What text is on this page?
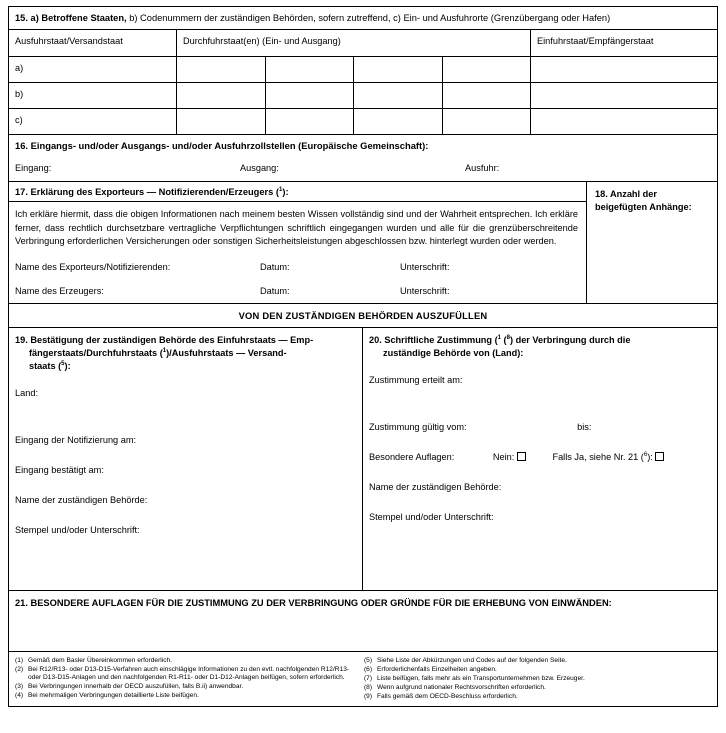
15. a) Betroffene Staaten, b) Codenummern der zuständigen Behörden, sofern zutreffend, c) Ein- und Ausfuhrorte (Grenzübergang oder Hafen)
Ausfuhrstaat/Versandstaat	Durchfuhrstaat(en) (Ein- und Ausgang)	Einfuhrstaat/Empfängerstaat
a)
b)
c)
16. Eingangs- und/oder Ausgangs- und/oder Ausfuhrzollstellen (Europäische Gemeinschaft):
Eingang:	Ausgang:	Ausfuhr:
17. Erklärung des Exporteurs — Notifizierenden/Erzeugers ($^1$):
Ich erkläre hiermit, dass die obigen Informationen nach meinem besten Wissen vollständig sind und der Wahrheit entsprechen. Ich erkläre ferner, dass rechtlich durchsetzbare vertragliche Verpflichtungen schriftlich eingegangen wurden und alle für die grenzüberschreitende Verbringung erforderlichen Versicherungen oder sonstigen Sicherheitsleistungen abgeschlossen bzw. hinterlegt wurden oder werden.
Name des Exporteurs/Notifizierenden:	Datum:	Unterschrift:
Name des Erzeugers:	Datum:	Unterschrift:
18. Anzahl der beigefügten Anhänge:
VON DEN ZUSTÄNDIGEN BEHÖRDEN AUSZUFÜLLEN
19. Bestätigung der zuständigen Behörde des Einfuhrstaats — Emp-
fängerstaats/Durchfuhrstaats ($^1$)/Ausfuhrstaats — Versand-
staats ($^5$):
Land:
Eingang der Notifizierung am:
Eingang bestätigt am:
Name der zuständigen Behörde:
Stempel und/oder Unterschrift:
20. Schriftliche Zustimmung ($^1$ ($^8$) der Verbringung durch die
zuständige Behörde von (Land):
Zustimmung erteilt am:
Zustimmung gültig vom:	bis:
Besondere Auflagen:	Nein:	Falls Ja, siehe Nr. 21 ($^6$):
Name der zuständigen Behörde:
Stempel und/oder Unterschrift:
21. BESONDERE AUFLAGEN FÜR DIE ZUSTIMMUNG ZU DER VERBRINGUNG ODER GRÜNDE FÜR DIE ERHEBUNG VON EINWÄNDEN:
(1) Gemäß dem Basler Übereinkommen erforderlich.
(2) Bei R12/R13- oder D13-D15-Verfahren auch einschlägige Informationen zu den evtl. nachfolgenden R12/R13- oder D13-D15-Anlagen und den nachfolgenden R1-R11- oder D1-D12-Anlagen beifügen, sofern erforderlich.
(3) Bei Verbringungen innerhalb der OECD auszufüllen, falls B.ii) anwendbar.
(4) Bei mehrmaligen Verbringungen detaillierte Liste beifügen.
(5) Siehe Liste der Abkürzungen und Codes auf der folgenden Seite.
(6) Erforderlichenfalls Einzelheiten angeben.
(7) Liste beifügen, falls mehr als ein Transportunternehmen bzw. Erzeuger.
(8) Wenn aufgrund nationaler Rechtsvorschriften erforderlich.
(9) Falls gemäß dem OECD-Beschluss erforderlich.
